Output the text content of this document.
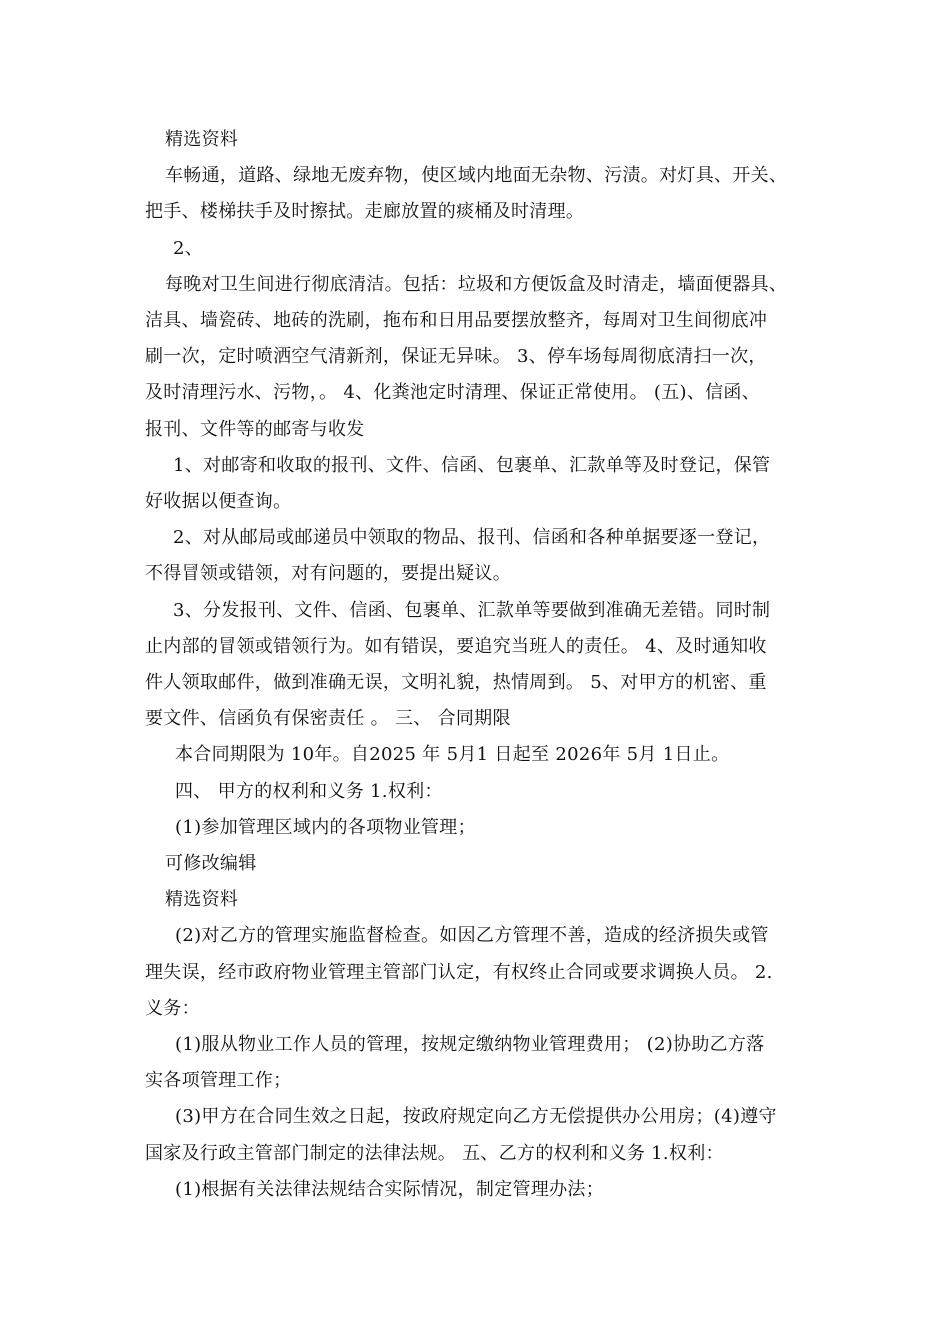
精选资料
车畅通，道路、绿地无废弃物，使区域内地面无杂物、污渍。对灯具、开关、
把手、楼梯扶手及时擦拭。走廊放置的痰桶及时清理。
2、
每晚对卫生间进行彻底清洁。包括：垃圾和方便饭盒及时清走，墙面便器具、
洁具、墙瓷砖、地砖的洗刷，拖布和日用品要摆放整齐，每周对卫生间彻底冲
刷一次，定时喷洒空气清新剂，保证无异味。 3、停车场每周彻底清扫一次，
及时清理污水、污物，。 4、化粪池定时清理、保证正常使用。 (五)、信函、
报刊、文件等的邮寄与收发
1、对邮寄和收取的报刊、文件、信函、包裹单、汇款单等及时登记，保管
好收据以便查询。
2、对从邮局或邮递员中领取的物品、报刊、信函和各种单据要逐一登记，
不得冒领或错领，对有问题的，要提出疑议。
3、分发报刊、文件、信函、包裹单、汇款单等要做到准确无差错。同时制
止内部的冒领或错领行为。如有错误，要追究当班人的责任。 4、及时通知收
件人领取邮件，做到准确无误，文明礼貌，热情周到。 5、对甲方的机密、重
要文件、信函负有保密责任 。 三、 合同期限
本合同期限为 10年。自2025 年 5月1 日起至 2026年 5月 1日止。
四、 甲方的权利和义务 1.权利：
(1)参加管理区域内的各项物业管理；
可修改编辑
精选资料
(2)对乙方的管理实施监督检查。如因乙方管理不善，造成的经济损失或管
理失误，经市政府物业管理主管部门认定，有权终止合同或要求调换人员。 2.
义务：
(1)服从物业工作人员的管理，按规定缴纳物业管理费用； (2)协助乙方落
实各项管理工作；
(3)甲方在合同生效之日起，按政府规定向乙方无偿提供办公用房；(4)遵守
国家及行政主管部门制定的法律法规。 五、乙方的权利和义务 1.权利：
(1)根据有关法律法规结合实际情况，制定管理办法；
